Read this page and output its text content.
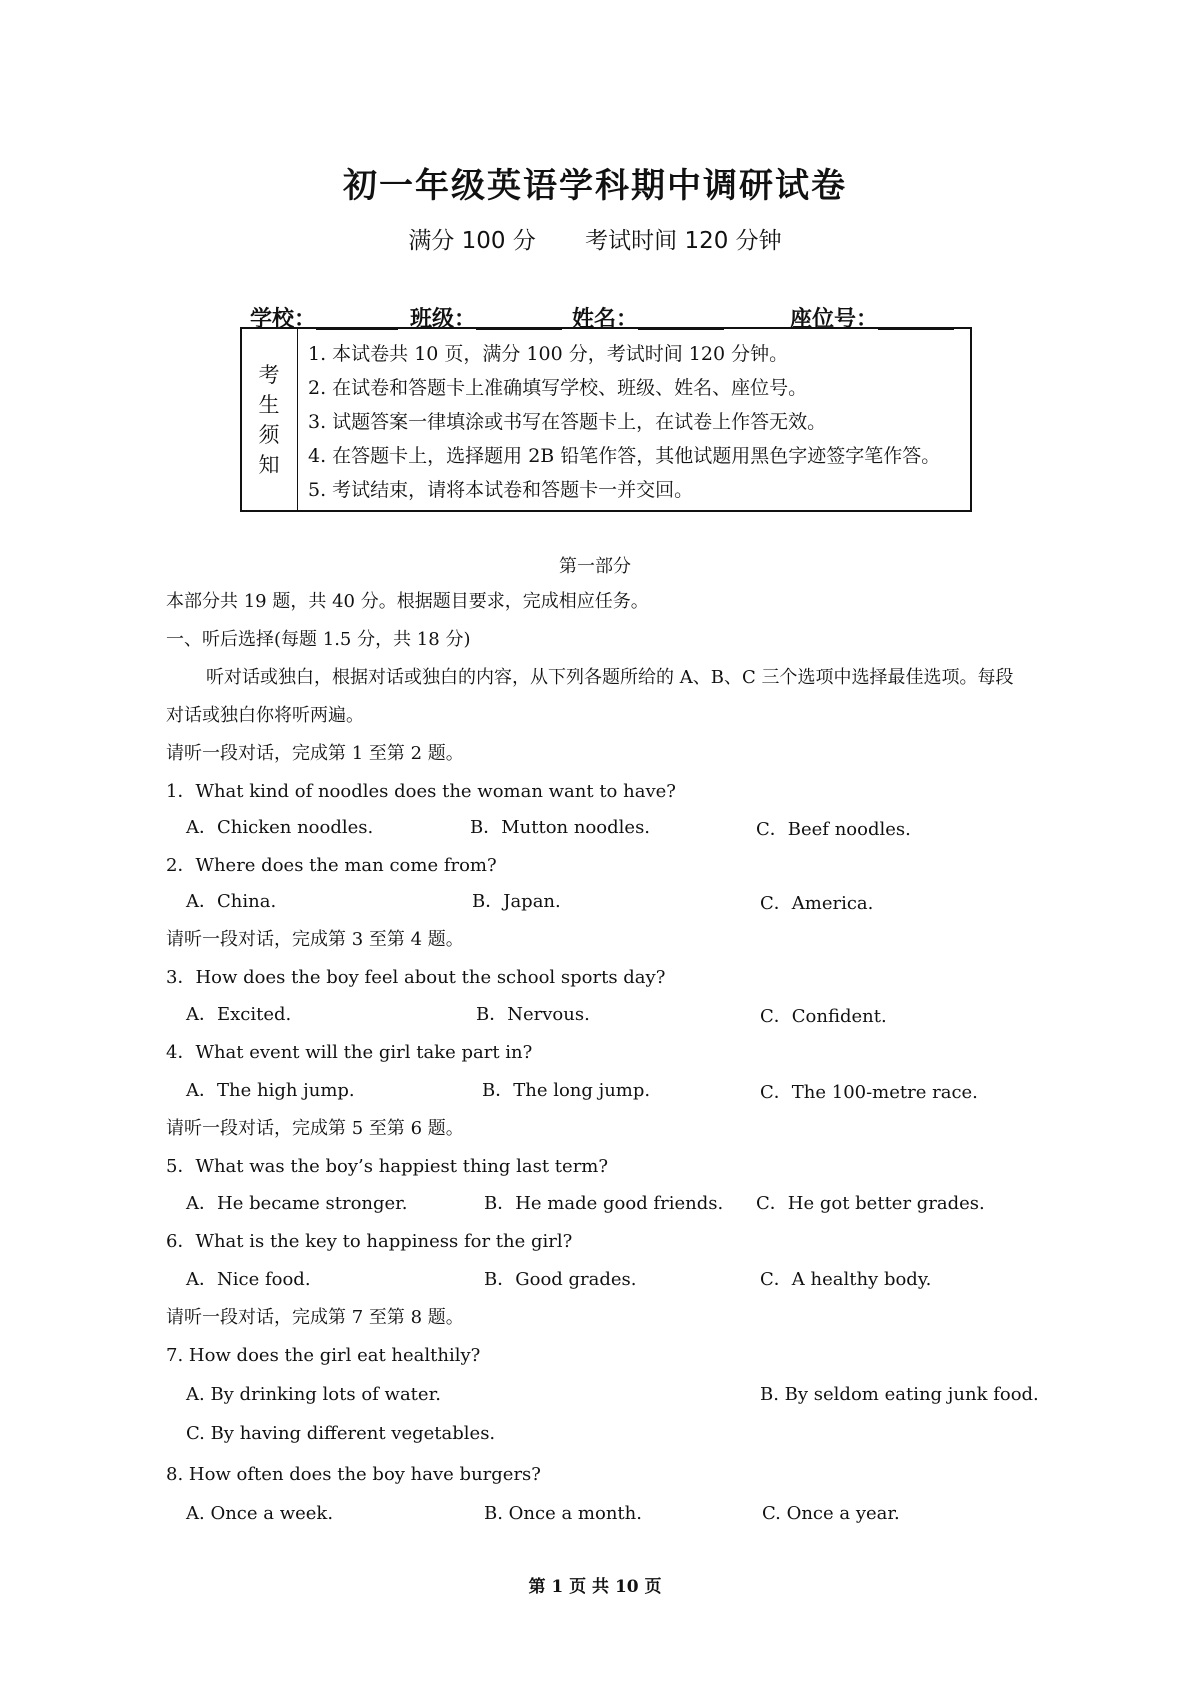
初一年级英语学科期中调研试卷
满分 100 分 考试时间 120 分钟
学校：	班级：	姓名：	座位号：
考
生
须
知
1. 本试卷共 10 页，满分 100 分，考试时间 120 分钟。
2. 在试卷和答题卡上准确填写学校、班级、姓名、座位号。
3. 试题答案一律填涂或书写在答题卡上，在试卷上作答无效。
4. 在答题卡上，选择题用 2B 铅笔作答，其他试题用黑色字迹签字笔作答。
5. 考试结束，请将本试卷和答题卡一并交回。
第一部分
本部分共 19 题，共 40 分。根据题目要求，完成相应任务。
一、听后选择(每题 1.5 分，共 18 分)
听对话或独白，根据对话或独白的内容，从下列各题所给的 A、B、C 三个选项中选择最佳选项。每段
对话或独白你将听两遍。
请听一段对话，完成第 1 至第 2 题。
1．What kind of noodles does the woman want to have?
A．Chicken noodles.	B．Mutton noodles.	C．Beef noodles.
2．Where does the man come from?
A．China.	B．Japan.	C．America.
请听一段对话，完成第 3 至第 4 题。
3．How does the boy feel about the school sports day?
A．Excited.	B．Nervous.	C．Confident.
4．What event will the girl take part in?
A．The high jump.	B．The long jump.	C．The 100-metre race.
请听一段对话，完成第 5 至第 6 题。
5．What was the boy’s happiest thing last term?
A．He became stronger.	B．He made good friends. C．He got better grades.
6．What is the key to happiness for the girl?
A．Nice food.	B．Good grades.	C．A healthy body.
请听一段对话，完成第 7 至第 8 题。
7. How does the girl eat healthily?
A. By drinking lots of water.	B. By seldom eating junk food.
C. By having different vegetables.
8. How often does the boy have burgers?
A. Once a week.	B. Once a month.	C. Once a year.
第 1 页 共 10 页
